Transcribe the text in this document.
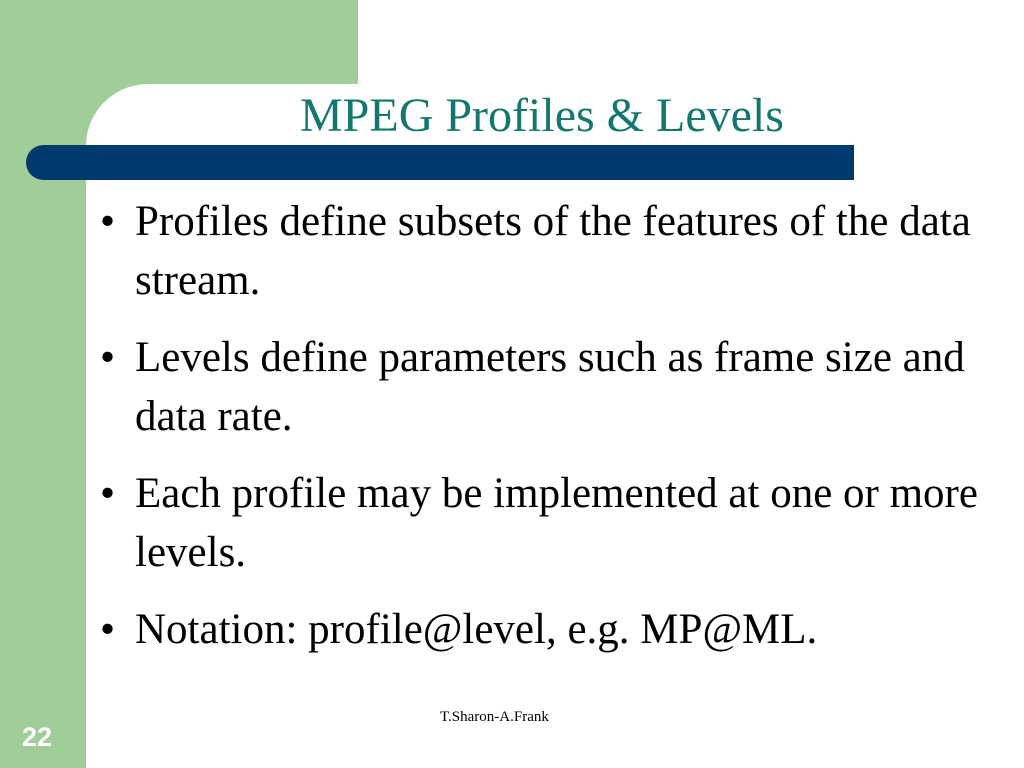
MPEG Profiles & Levels
• Profiles define subsets of the features of the data stream.
• Levels define parameters such as frame size and data rate.
• Each profile may be implemented at one or more levels.
• Notation: profile@level, e.g. MP@ML.
T.Sharon-A.Frank
22
